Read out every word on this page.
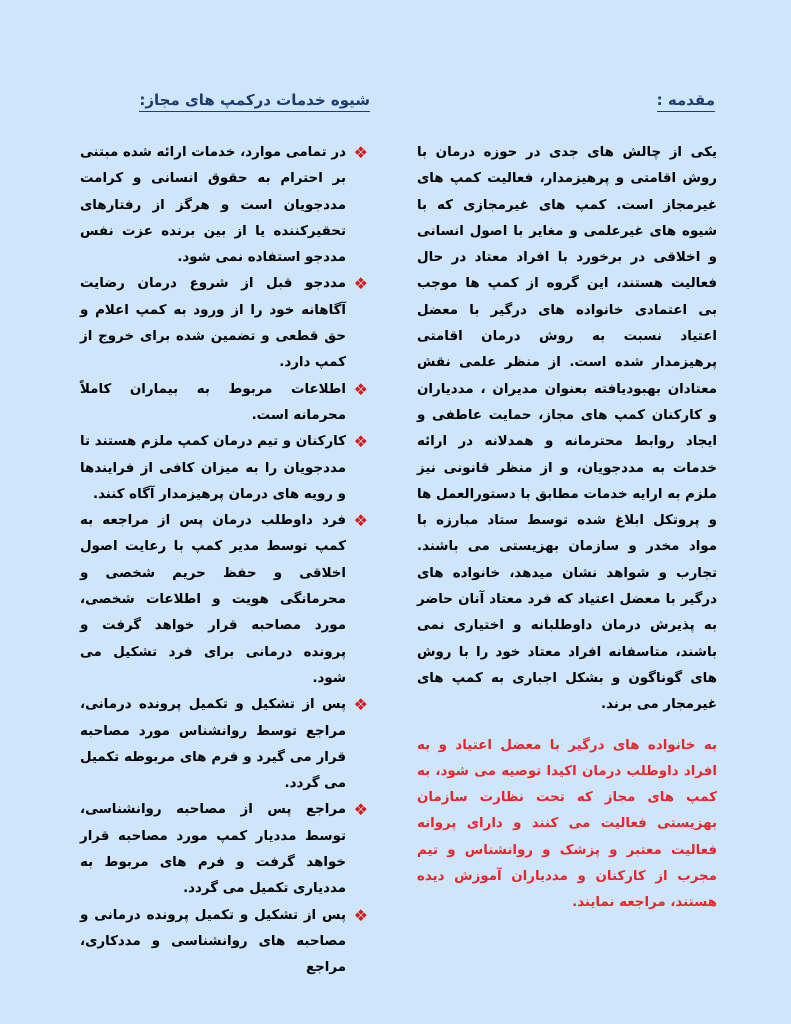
مقدمه :
شیوه خدمات درکمپ های مجاز:

یکی از چالش های جدی در حوزه درمان با روش اقامتی و پرهیزمدار، فعالیت کمپ های غیرمجاز است. کمپ های غیرمجازی که با شیوه های غیرعلمی و مغایر با اصول انسانی و اخلاقی در برخورد با افراد معتاد در حال فعالیت هستند، این گروه از کمپ ها موجب بی اعتمادی خانواده های درگیر با معضل اعتیاد نسبت به روش درمان اقامتی پرهیزمدار شده است. از منظر علمی نقش معتادان بهبودیافته بعنوان مدیران ، مددیاران و کارکنان کمپ های مجاز، حمایت عاطفی و ایجاد روابط محترمانه و همدلانه در ارائه خدمات به مددجویان، و از منظر قانونی نیز ملزم به ارایه خدمات مطابق با دستورالعمل ها و پروتکل ابلاغ شده توسط ستاد مبارزه با مواد مخدر و سازمان بهزیستی می باشند. تجارب و شواهد نشان میدهد، خانواده های درگیر با معضل اعتیاد که فرد معتاد آنان حاضر به پذیرش درمان داوطلبانه و اختیاری نمی باشند، متاسفانه افراد معتاد خود را با روش های گوناگون و بشکل اجباری به کمپ های غیرمجار می برند.

به خانواده های درگیر با معضل اعتیاد و به افراد داوطلب درمان اکیدا توصیه می شود، به کمپ های مجاز که تحت نظارت سازمان بهزیستی فعالیت می کنند و دارای پروانه فعالیت معتبر و پزشک و روانشناس و تیم مجرب از کارکنان و مددیاران آموزش دیده هستند، مراجعه نمایند.

❖
در تمامی موارد، خدمات ارائه شده مبتنی بر احترام به حقوق انسانی و کرامت مددجویان است و هرگز از رفتارهای تحقیرکننده یا از بین برنده عزت نفس مددجو استفاده نمی شود.
❖
مددجو قبل از شروع درمان رضایت آگاهانه خود را از ورود به کمپ اعلام و حق قطعی و تضمین شده برای خروج از کمپ دارد.
❖
اطلاعات مربوط به بیماران کاملاً محرمانه است.
❖
کارکنان و تیم درمان کمپ ملزم هستند تا مددجویان را به میزان کافی از فرایندها و رویه های درمان پرهیزمدار آگاه کنند.
❖
فرد داوطلب درمان پس از مراجعه به کمپ توسط مدیر کمپ با رعایت اصول اخلاقی و حفظ حریم شخصی و محرمانگی هویت و اطلاعات شخصی، مورد مصاحبه قرار خواهد گرفت و پرونده درمانی برای فرد تشکیل می شود.
❖
پس از تشکیل و تکمیل پرونده درمانی، مراجع توسط روانشناس مورد مصاحبه قرار می گیرد و فرم های مربوطه تکمیل می گردد.
❖
مراجع پس از مصاحبه روانشناسی، توسط مددیار کمپ مورد مصاحبه قرار خواهد گرفت و فرم های مربوط به مددیاری تکمیل می گردد.
❖
پس از تشکیل و تکمیل پرونده درمانی و مصاحبه های روانشناسی و مددکاری، مراجع
